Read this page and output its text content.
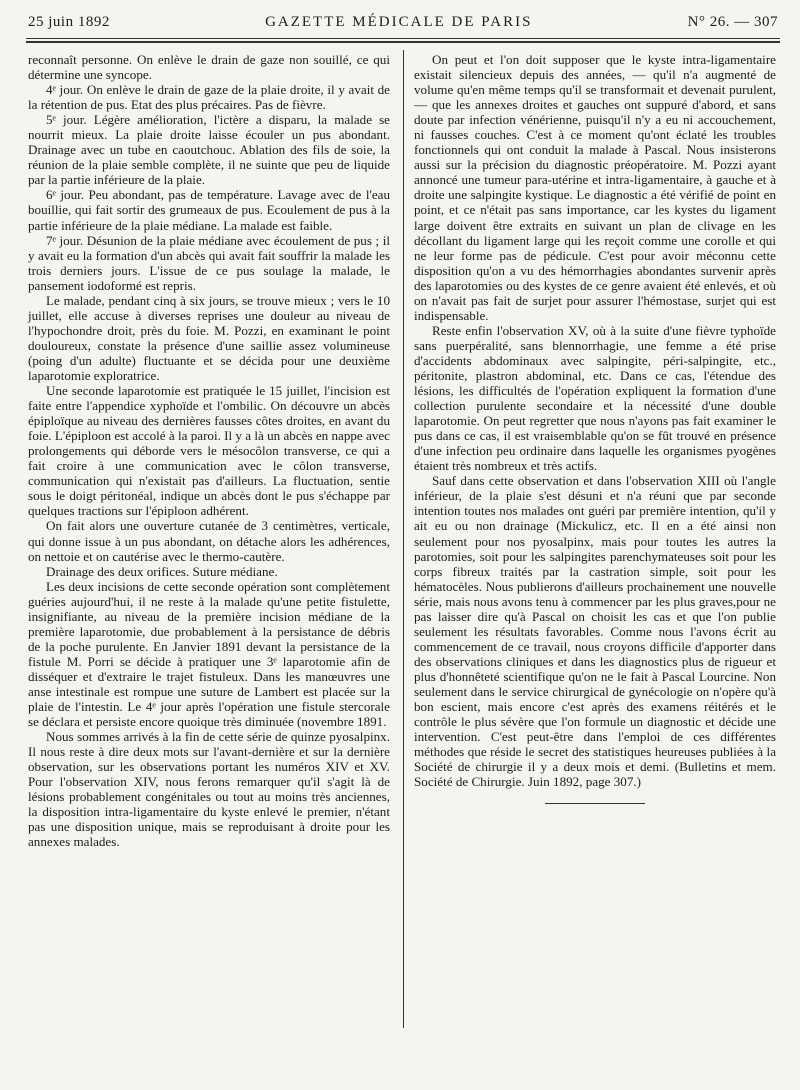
25 juin 1892	GAZETTE MÉDICALE DE PARIS	N° 26. — 307

reconnaît personne. On enlève le drain de gaze non souillé, ce qui détermine une syncope.

4ᵉ jour. On enlève le drain de gaze de la plaie droite, il y avait de la rétention de pus. Etat des plus précaires. Pas de fièvre.

5ᵉ jour. Légère amélioration, l'ictère a disparu, la malade se nourrit mieux. La plaie droite laisse écouler un pus abondant. Drainage avec un tube en caoutchouc. Ablation des fils de soie, la réunion de la plaie semble complète, il ne suinte que peu de liquide par la partie inférieure de la plaie.

6ᵉ jour. Peu abondant, pas de température. Lavage avec de l'eau bouillie, qui fait sortir des grumeaux de pus. Ecoulement de pus à la partie inférieure de la plaie médiane. La malade est faible.

7ᵉ jour. Désunion de la plaie médiane avec écoulement de pus ; il y avait eu la formation d'un abcès qui avait fait souffrir la malade les trois derniers jours. L'issue de ce pus soulage la malade, le pansement iodoformé est repris.

Le malade, pendant cinq à six jours, se trouve mieux ; vers le 10 juillet, elle accuse à diverses reprises une douleur au niveau de l'hypochondre droit, près du foie. M. Pozzi, en examinant le point douloureux, constate la présence d'une saillie assez volumineuse (poing d'un adulte) fluctuante et se décida pour une deuxième laparotomie exploratrice.

Une seconde laparotomie est pratiquée le 15 juillet, l'incision est faite entre l'appendice xyphoïde et l'ombilic. On découvre un abcès épiploïque au niveau des dernières fausses côtes droites, en avant du foie. L'épiploon est accolé à la paroi. Il y a là un abcès en nappe avec prolongements qui déborde vers le mésocôlon transverse, ce qui a fait croire à une communication avec le côlon transverse, communication qui n'existait pas d'ailleurs. La fluctuation, sentie sous le doigt péritonéal, indique un abcès dont le pus s'échappe par quelques tractions sur l'épiploon adhérent.

On fait alors une ouverture cutanée de 3 centimètres, verticale, qui donne issue à un pus abondant, on détache alors les adhérences, on nettoie et on cautérise avec le thermo-cautère.

Drainage des deux orifices. Suture médiane.

Les deux incisions de cette seconde opération sont complètement guéries aujourd'hui, il ne reste à la malade qu'une petite fistulette, insignifiante, au niveau de la première incision médiane de la première laparotomie, due probablement à la persistance de débris de la poche purulente. En Janvier 1891 devant la persistance de la fistule M. Porri se décide à pratiquer une 3ᵉ laparotomie afin de disséquer et d'extraire le trajet fistuleux. Dans les manœuvres une anse intestinale est rompue une suture de Lambert est placée sur la plaie de l'intestin. Le 4ᵉ jour après l'opération une fistule stercorale se déclara et persiste encore quoique très diminuée (novembre 1891.

Nous sommes arrivés à la fin de cette série de quinze pyosalpinx. Il nous reste à dire deux mots sur l'avant-dernière et sur la dernière observation, sur les observations portant les numéros XIV et XV. Pour l'observation XIV, nous ferons remarquer qu'il s'agit là de lésions probablement congénitales ou tout au moins très anciennes, la disposition intra-ligamentaire du kyste enlevé le premier, n'étant pas une disposition unique, mais se reproduisant à droite pour les annexes malades.

On peut et l'on doit supposer que le kyste intra-ligamentaire existait silencieux depuis des années, — qu'il n'a augmenté de volume qu'en même temps qu'il se transformait et devenait purulent, — que les annexes droites et gauches ont suppuré d'abord, et sans doute par infection vénérienne, puisqu'il n'y a eu ni accouchement, ni fausses couches. C'est à ce moment qu'ont éclaté les troubles fonctionnels qui ont conduit la malade à Pascal. Nous insisterons aussi sur la précision du diagnostic préopératoire. M. Pozzi ayant annoncé une tumeur para-utérine et intra-ligamentaire, à gauche et à droite une salpingite kystique. Le diagnostic a été vérifié de point en point, et ce n'était pas sans importance, car les kystes du ligament large doivent être extraits en suivant un plan de clivage en les décollant du ligament large qui les reçoit comme une corolle et qui ne leur forme pas de pédicule. C'est pour avoir méconnu cette disposition qu'on a vu des hémorrhagies abondantes survenir après des laparotomies ou des kystes de ce genre avaient été enlevés, et où on n'avait pas fait de surjet pour assurer l'hémostase, surjet qui est indispensable.

Reste enfin l'observation XV, où à la suite d'une fièvre typhoïde sans puerpéralité, sans blennorrhagie, une femme a été prise d'accidents abdominaux avec salpingite, péri-salpingite, etc., péritonite, plastron abdominal, etc. Dans ce cas, l'étendue des lésions, les difficultés de l'opération expliquent la formation d'une collection purulente secondaire et la nécessité d'une double laparotomie. On peut regretter que nous n'ayons pas fait examiner le pus dans ce cas, il est vraisemblable qu'on se fût trouvé en présence d'une infection peu ordinaire dans laquelle les organismes pyogènes étaient très nombreux et très actifs.

Sauf dans cette observation et dans l'observation XIII où l'angle inférieur, de la plaie s'est désuni et n'a réuni que par seconde intention toutes nos malades ont guéri par première intention, qu'il y ait eu ou non drainage (Mickulicz, etc. Il en a été ainsi non seulement pour nos pyosalpinx, mais pour toutes les autres la parotomies, soit pour les salpingites parenchymateuses soit pour les corps fibreux traités par la castration simple, soit pour les hématocèles. Nous publierons d'ailleurs prochainement une nouvelle série, mais nous avons tenu à commencer par les plus graves,pour ne pas laisser dire qu'à Pascal on choisit les cas et que l'on publie seulement les résultats favorables. Comme nous l'avons écrit au commencement de ce travail, nous croyons difficile d'apporter dans des observations cliniques et dans les diagnostics plus de rigueur et plus d'honnêteté scientifique qu'on ne le fait à Pascal Lourcine. Non seulement dans le service chirurgical de gynécologie on n'opère qu'à bon escient, mais encore c'est après des examens réitérés et le contrôle le plus sévère que l'on formule un diagnostic et décide une intervention. C'est peut-être dans l'emploi de ces différentes méthodes que réside le secret des statistiques heureuses publiées à la Société de chirurgie il y a deux mois et demi. (Bulletins et mem. Société de Chirurgie. Juin 1892, page 307.)
